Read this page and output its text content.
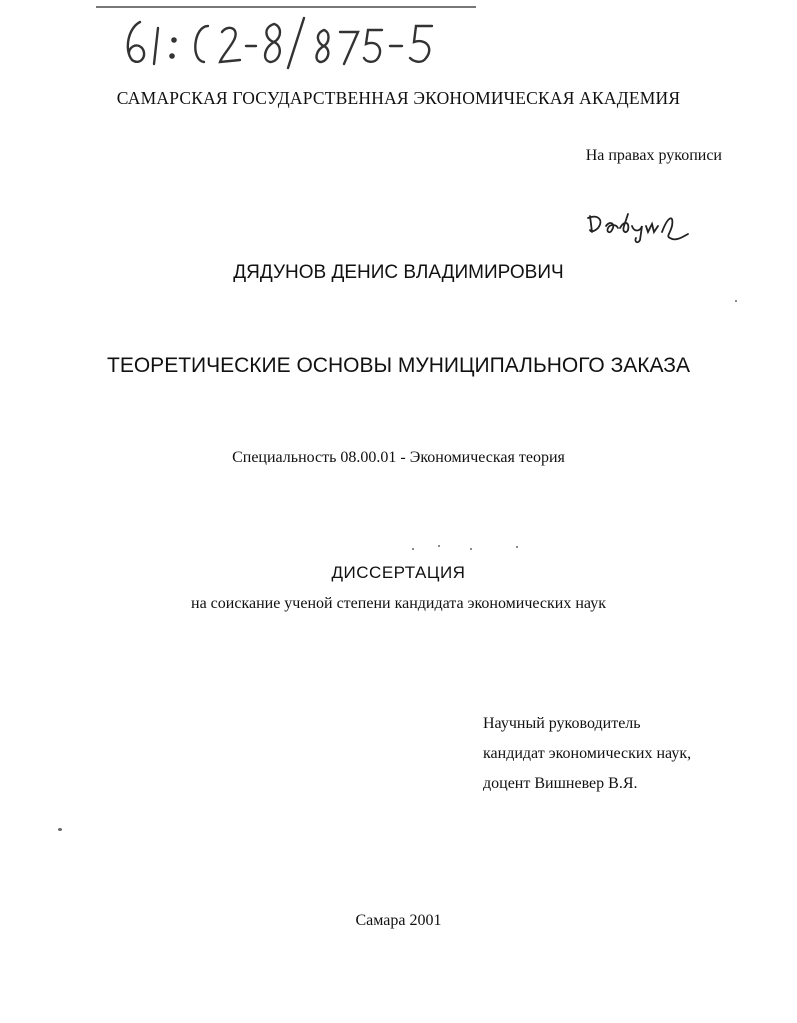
САМАРСКАЯ ГОСУДАРСТВЕННАЯ ЭКОНОМИЧЕСКАЯ АКАДЕМИЯ
На правах рукописи
ДЯДУНОВ ДЕНИС ВЛАДИМИРОВИЧ
ТЕОРЕТИЧЕСКИЕ ОСНОВЫ МУНИЦИПАЛЬНОГО ЗАКАЗА
Специальность 08.00.01 - Экономическая теория
ДИССЕРТАЦИЯ
на соискание ученой степени кандидата экономических наук
Научный руководитель
кандидат экономических наук,
доцент Вишневер В.Я.
Самара 2001
